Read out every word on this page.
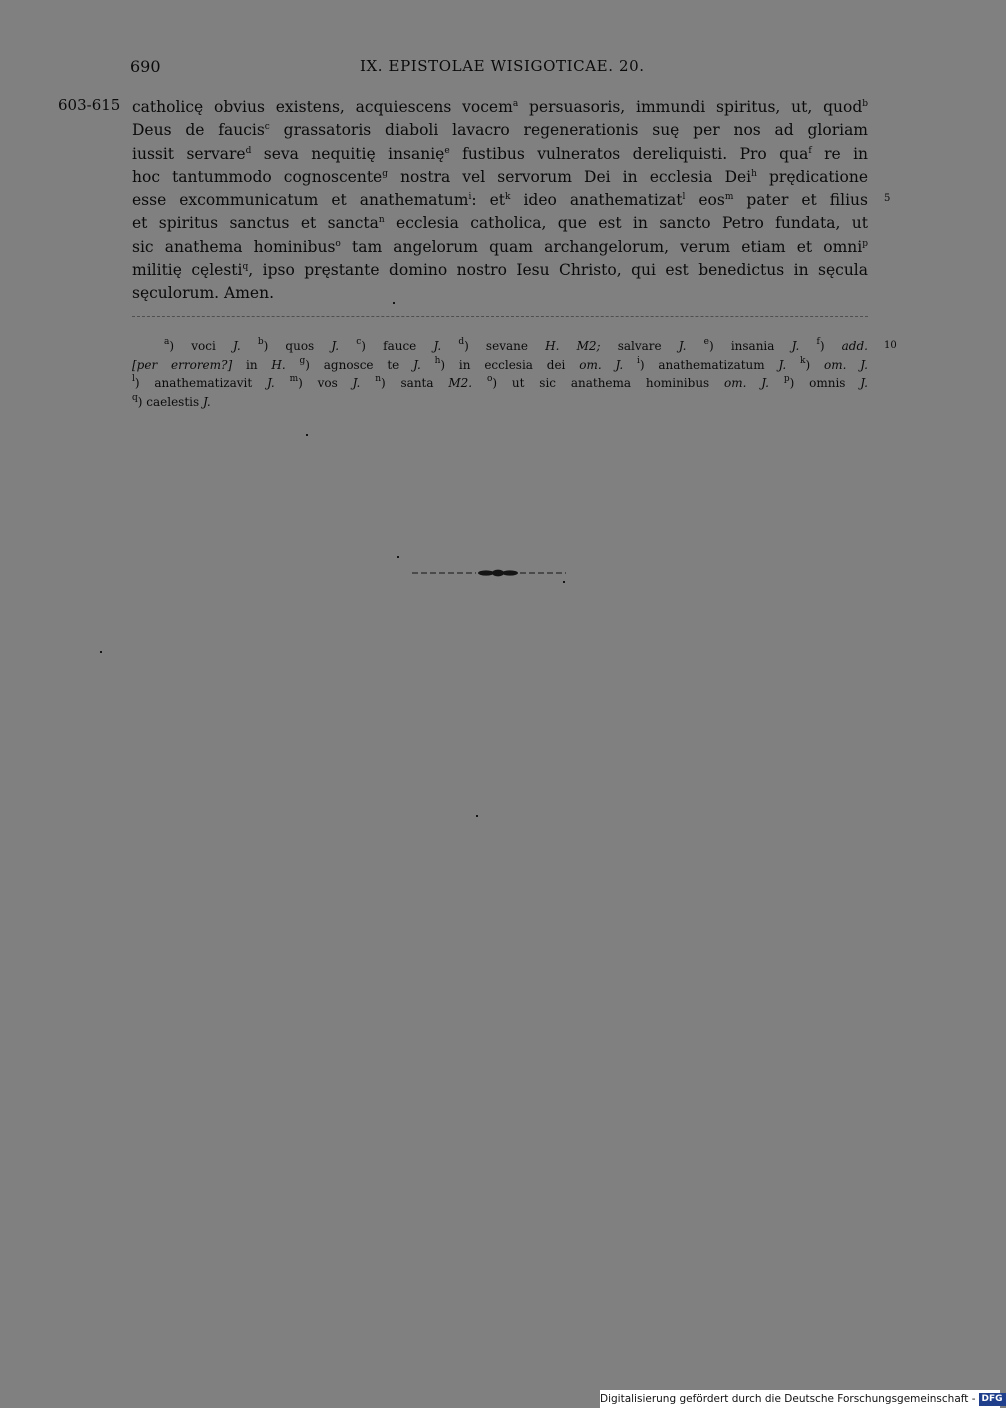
690	IX. EPISTOLAE WISIGOTICAE. 20.
603-615 catholicę obvius existens, acquiescens vocem$^a$ persuasoris, immundi spiritus, ut, quod$^b$
Deus de faucis$^c$ grassatoris diaboli lavacro regenerationis suę per nos ad gloriam
iussit servare$^d$ seva nequitię insanię$^e$ fustibus vulneratos dereliquisti. Pro qua$^f$ re in
hoc tantummodo cognoscente$^g$ nostra vel servorum Dei in ecclesia Dei$^h$ prędicatione
esse excommunicatum et anathematum$^i$: $et^k$ ideo anathematizat$^l$ eos$^m$ pater et filius
et spiritus sanctus et sancta$^n$ ecclesia catholica, que est in sancto Petro fundata, ut
sic anathema hominibus$^o$ tam angelorum quam archangelorum, verum etiam et omni$^p$
militię cęlesti$^q$, ipso pręstante domino nostro Iesu Christo, qui est benedictus in sęcula
sęculorum. Amen.
5
$^a$) voci J. $^b$) quos J. $^c$) fauce J. $^d$) sevane H. M2; salvare J. $^e$) insania J. $^f$) add.
[per errorem?] in H. $^g$) agnosce te J. $^h$) in ecclesia dei om. J. $^i$) anathematizatum J. $^k$) om. J.
$^l$) anathematizavit J. $^m$) vos J. $^n$) santa M2. $^o$) ut sic anathema hominibus om. J. $^p$) omnis J.
$^q$) caelestis J.
10
Digitalisierung gefördert durch die Deutsche Forschungsgemeinschaft - DFG
